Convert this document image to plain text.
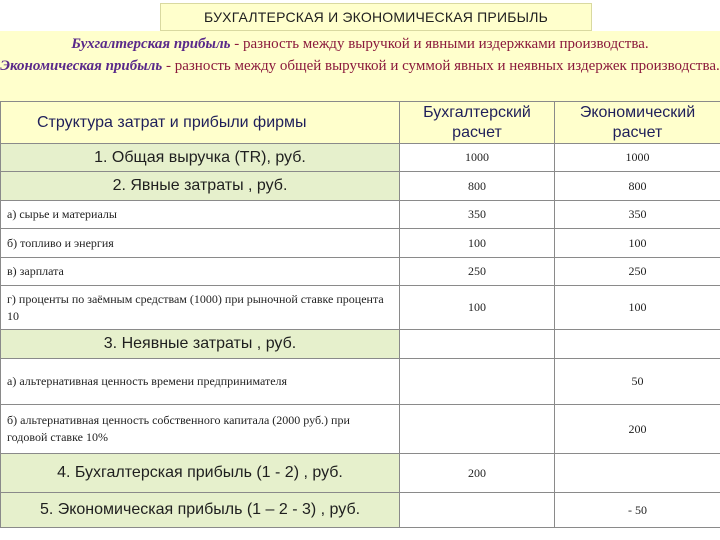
БУХГАЛТЕРСКАЯ И ЭКОНОМИЧЕСКАЯ ПРИБЫЛЬ
Бухгалтерская прибыль - разность между выручкой и явными издержками производства.
Экономическая прибыль - разность между общей выручкой и суммой явных и неявных издержек производства.
Структура затрат и прибыли фирмы	Бухгалтерский расчет	Экономический расчет
1. Общая выручка (TR), руб.	1000	1000
2. Явные затраты , руб.	800	800
а) сырье и материалы	350	350
б) топливо и энергия	100	100
в) зарплата	250	250
г) проценты по заёмным средствам (1000) при рыночной ставке процента 10	100	100
3. Неявные затраты , руб.		
а) альтернативная ценность времени предпринимателя		50
б) альтернативная ценность собственного капитала (2000 руб.) при годовой ставке 10%		200
4. Бухгалтерская прибыль (1 - 2) , руб.	200	
5. Экономическая прибыль (1 – 2 - 3) , руб.		- 50
